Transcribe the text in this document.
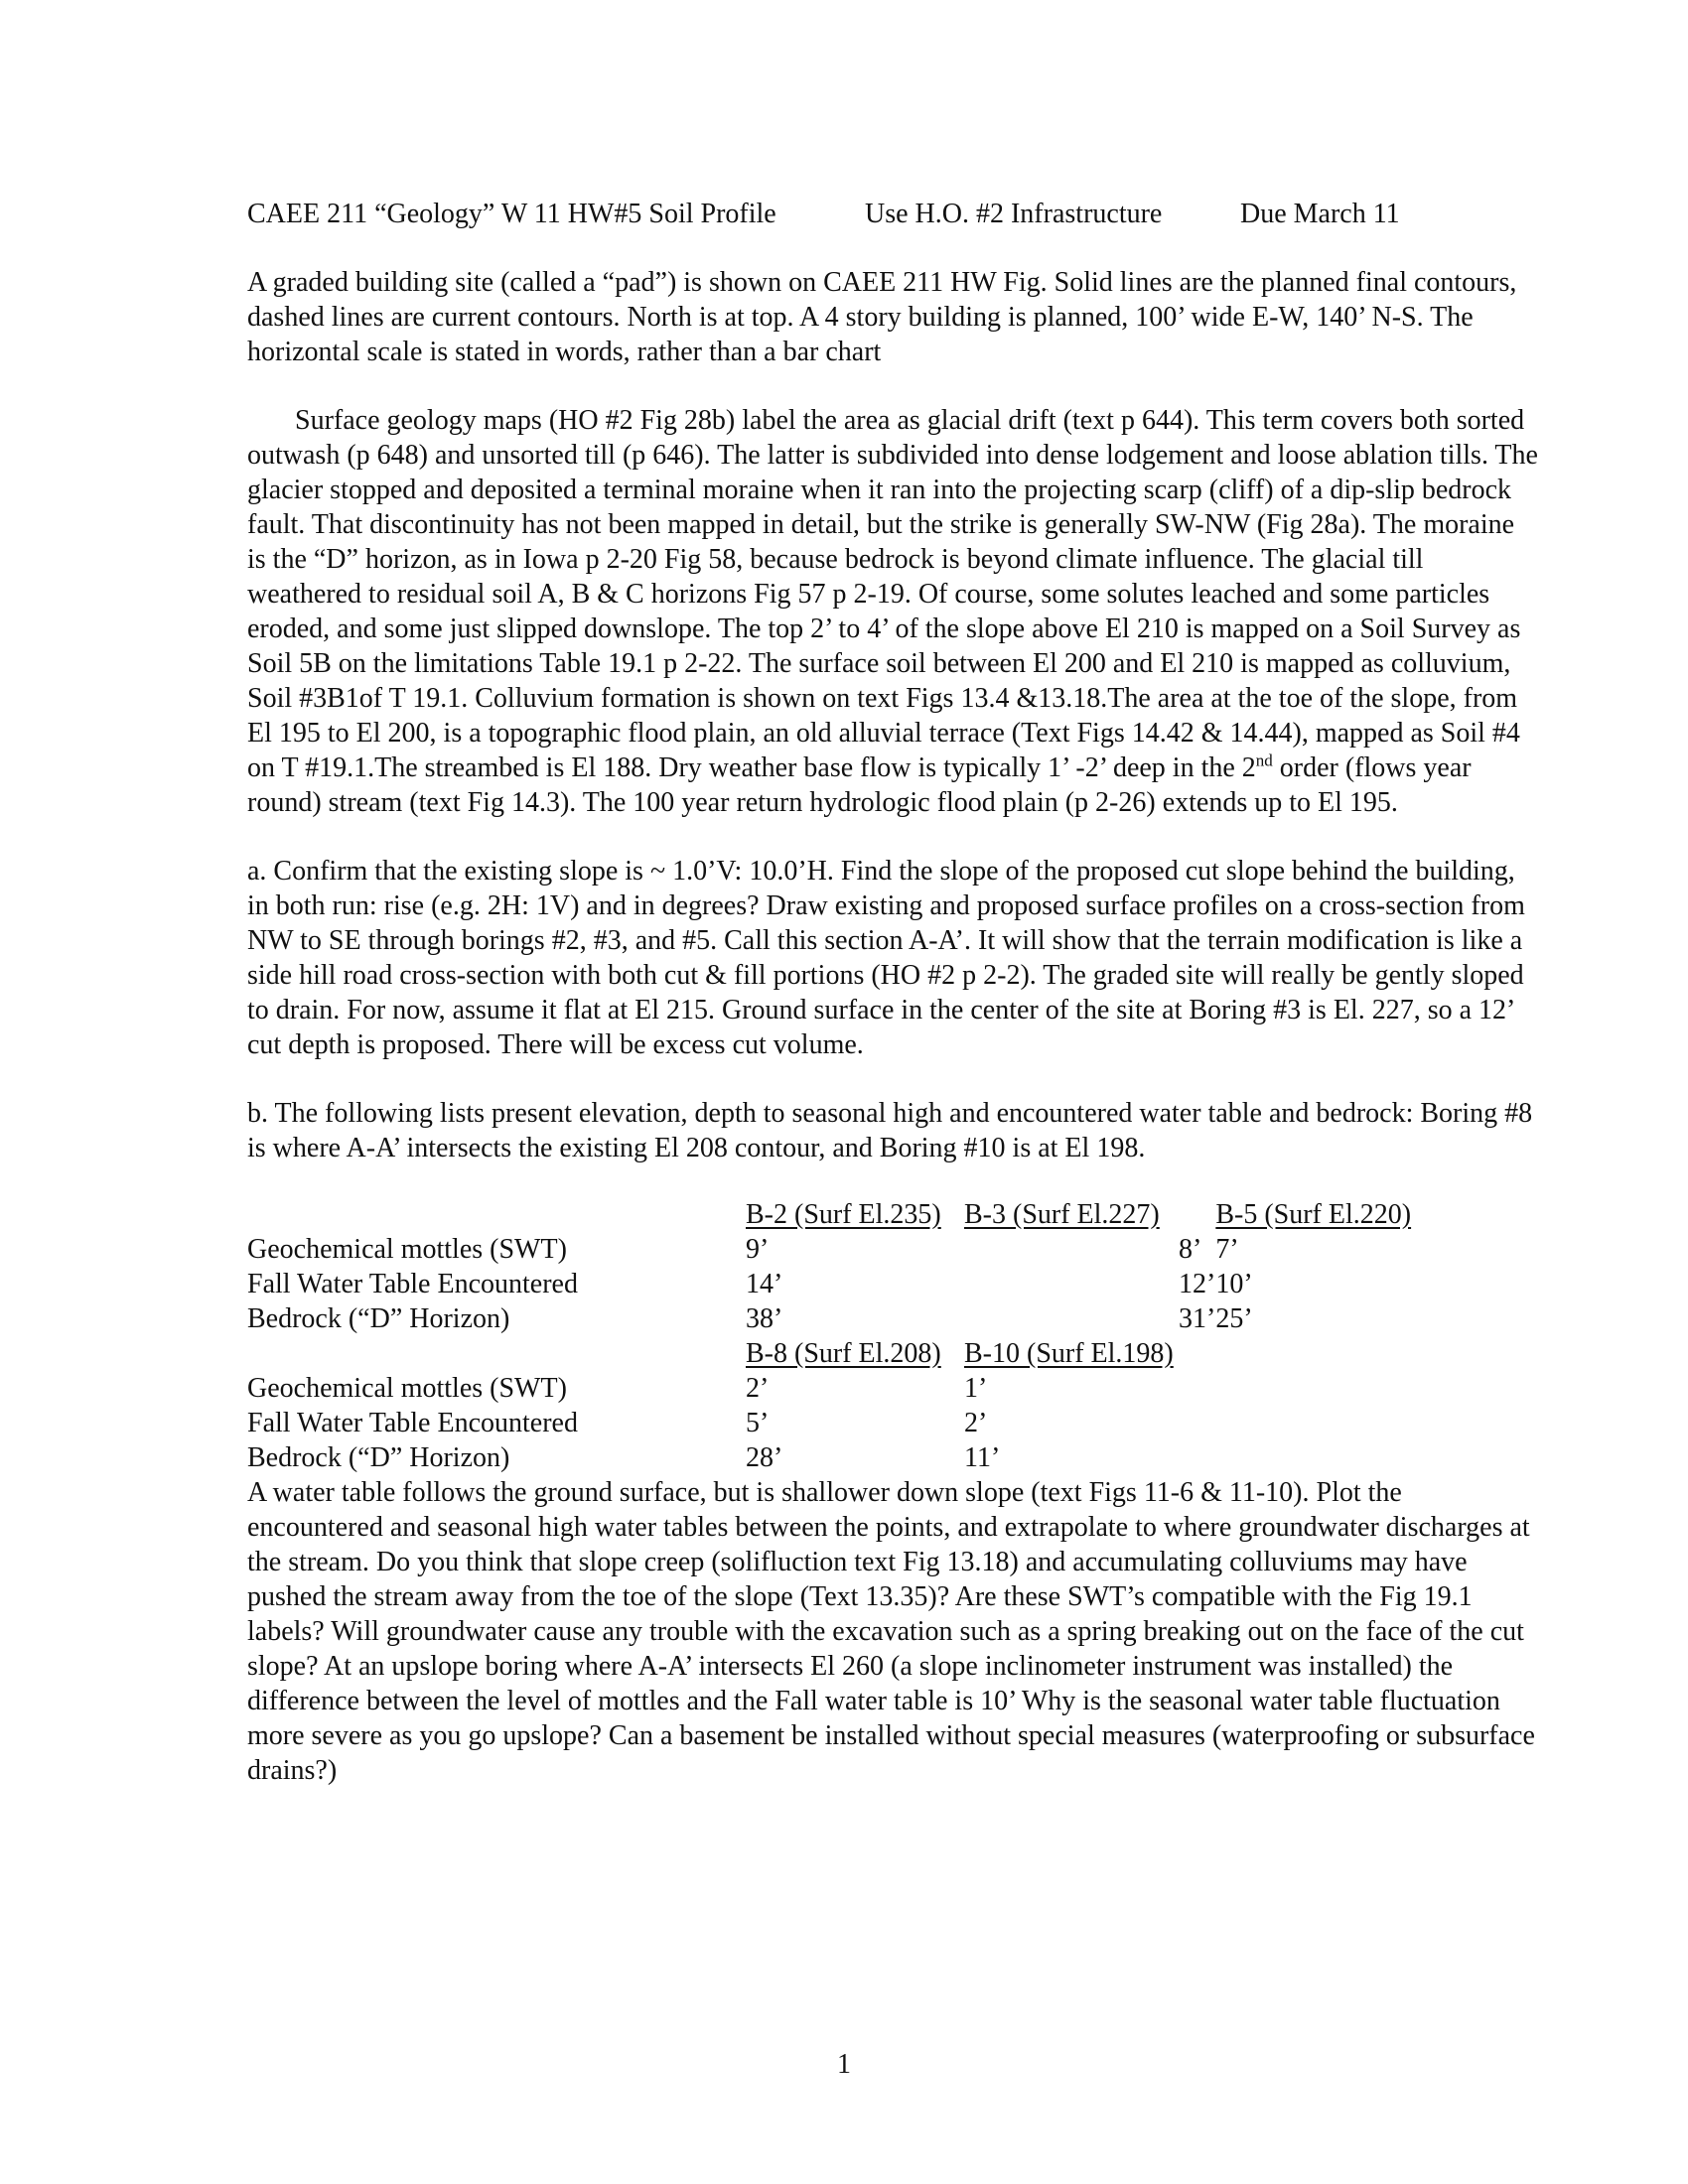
CAEE 211 “Geology” W 11 HW#5 Soil Profile	Use H.O. #2 Infrastructure	Due March 11

A graded building site (called a “pad”) is shown on CAEE 211 HW Fig. Solid lines are the planned final contours, dashed lines are current contours. North is at top. A 4 story building is planned, 100’ wide E-W, 140’ N-S. The horizontal scale is stated in words, rather than a bar chart

Surface geology maps (HO #2 Fig 28b) label the area as glacial drift (text p 644). This term covers both sorted outwash (p 648) and unsorted till (p 646). The latter is subdivided into dense lodgement and loose ablation tills. The glacier stopped and deposited a terminal moraine when it ran into the projecting scarp (cliff) of a dip-slip bedrock fault. That discontinuity has not been mapped in detail, but the strike is generally SW-NW (Fig 28a). The moraine is the “D” horizon, as in Iowa p 2-20 Fig 58, because bedrock is beyond climate influence. The glacial till weathered to residual soil A, B & C horizons Fig 57 p 2-19. Of course, some solutes leached and some particles eroded, and some just slipped downslope. The top 2’ to 4’ of the slope above El 210 is mapped on a Soil Survey as Soil 5B on the limitations Table 19.1 p 2-22. The surface soil between El 200 and El 210 is mapped as colluvium, Soil #3B1of T 19.1. Colluvium formation is shown on text Figs 13.4 &13.18.The area at the toe of the slope, from El 195 to El 200, is a topographic flood plain, an old alluvial terrace (Text Figs 14.42 & 14.44), mapped as Soil #4 on T #19.1.The streambed is El 188. Dry weather base flow is typically 1’ -2’ deep in the 2nd order (flows year round) stream (text Fig 14.3). The 100 year return hydrologic flood plain (p 2-26) extends up to El 195.

a. Confirm that the existing slope is ~ 1.0’V: 10.0’H. Find the slope of the proposed cut slope behind the building, in both run: rise (e.g. 2H: 1V) and in degrees? Draw existing and proposed surface profiles on a cross-section from NW to SE through borings #2, #3, and #5. Call this section A-A’. It will show that the terrain modification is like a side hill road cross-section with both cut & fill portions (HO #2 p 2-2). The graded site will really be gently sloped to drain. For now, assume it flat at El 215. Ground surface in the center of the site at Boring #3 is El. 227, so a 12’ cut depth is proposed. There will be excess cut volume.

b. The following lists present elevation, depth to seasonal high and encountered water table and bedrock: Boring #8 is where A-A’ intersects the existing El 208 contour, and Boring #10 is at El 198.

	B-2 (Surf El.235)	B-3 (Surf El.227)	B-5 (Surf El.220)
Geochemical mottles (SWT)	9’	8’	7’
Fall Water Table Encountered	14’	12’	10’
Bedrock (“D” Horizon)	38’	31’	25’
	B-8 (Surf El.208)	B-10 (Surf El.198)
Geochemical mottles (SWT)	2’	1’
Fall Water Table Encountered	5’	2’
Bedrock (“D” Horizon)	28’	11’

A water table follows the ground surface, but is shallower down slope (text Figs 11-6 & 11-10). Plot the encountered and seasonal high water tables between the points, and extrapolate to where groundwater discharges at the stream. Do you think that slope creep (solifluction text Fig 13.18) and accumulating colluviums may have pushed the stream away from the toe of the slope (Text 13.35)? Are these SWT’s compatible with the Fig 19.1 labels? Will groundwater cause any trouble with the excavation such as a spring breaking out on the face of the cut slope? At an upslope boring where A-A’ intersects El 260 (a slope inclinometer instrument was installed) the difference between the level of mottles and the Fall water table is 10’ Why is the seasonal water table fluctuation more severe as you go upslope? Can a basement be installed without special measures (waterproofing or subsurface drains?)

1
